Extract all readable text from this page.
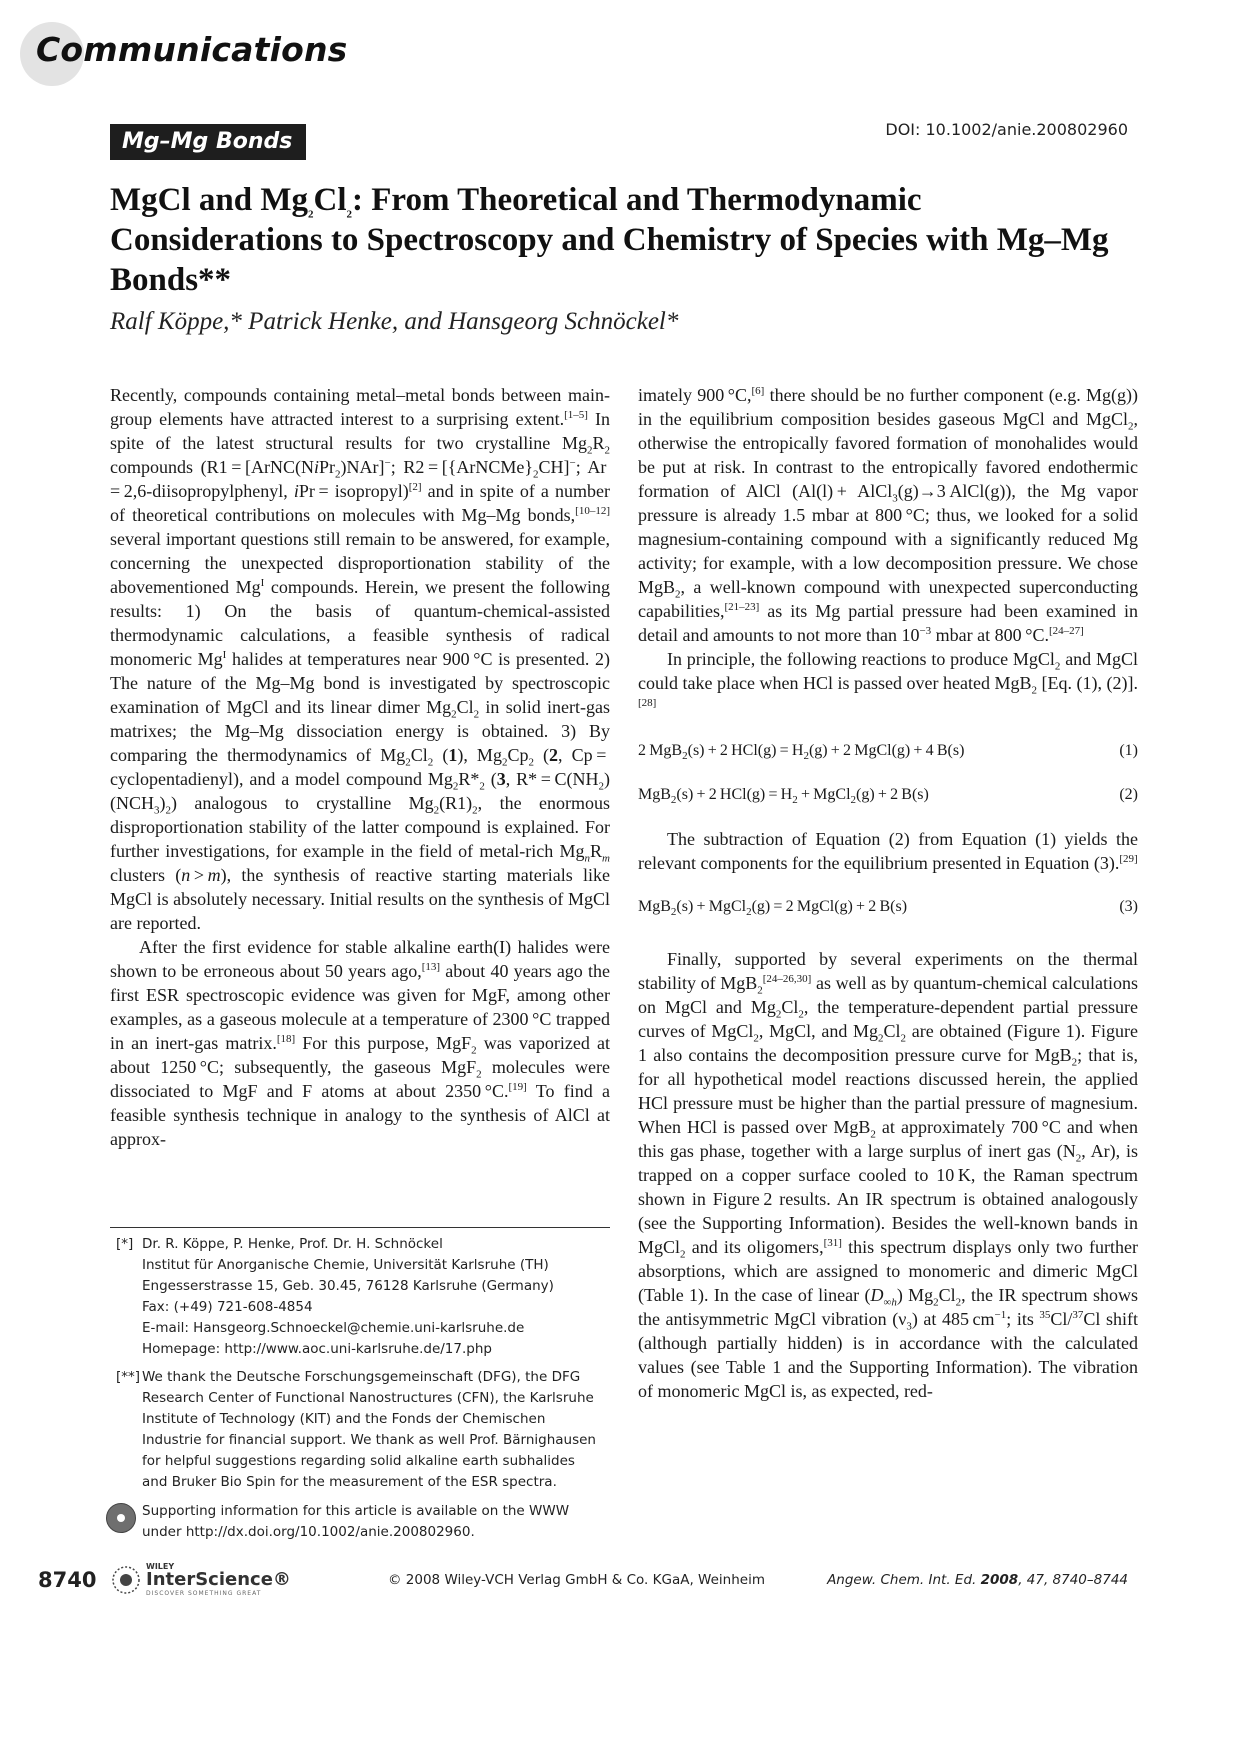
Communications
Mg–Mg Bonds	DOI: 10.1002/anie.200802960
MgCl and $Mg_2Cl_2$: From Theoretical and Thermodynamic Considerations to Spectroscopy and Chemistry of Species with Mg–Mg Bonds**
Ralf Köppe,* Patrick Henke, and Hansgeorg Schnöckel*

Recently, compounds containing metal–metal bonds between main-group elements have attracted interest to a surprising extent.[1–5] In spite of the latest structural results for two crystalline $Mg_2R_2$ compounds (R1 = [ArNC(NiPr$_2$)NAr]−; $R2 = [\{ArNCMe\}_2CH]^-$; Ar = 2,6-diisopropylphenyl, iPr = isopropyl)[2] and in spite of a number of theoretical contributions on molecules with Mg–Mg bonds,[10–12] several important questions still remain to be answered, for example, concerning the unexpected disproportionation stability of the abovementioned $Mg^I$ compounds. Herein, we present the following results: 1) On the basis of quantum-chemical-assisted thermodynamic calculations, a feasible synthesis of radical monomeric $Mg^I$ halides at temperatures near 900 °C is presented. 2) The nature of the Mg–Mg bond is investigated by spectroscopic examination of MgCl and its linear dimer $Mg_2Cl_2$ in solid inert-gas matrixes; the Mg–Mg dissociation energy is obtained. 3) By comparing the thermodynamics of $Mg_2Cl_2$ (1), $Mg_2Cp_2$ (2, Cp = cyclopentadienyl), and a model compound $Mg_2R*_2$ (3, $R* = C(NH_2)(NCH_3)_2$) analogous to crystalline $Mg_2(R1)_2$, the enormous disproportionation stability of the latter compound is explained. For further investigations, for example in the field of metal-rich $Mg_nR_m$ clusters (n > m), the synthesis of reactive starting materials like MgCl is absolutely necessary. Initial results on the synthesis of MgCl are reported.

After the first evidence for stable alkaline earth(I) halides were shown to be erroneous about 50 years ago,[13] about 40 years ago the first ESR spectroscopic evidence was given for MgF, among other examples, as a gaseous molecule at a temperature of 2300 °C trapped in an inert-gas matrix.[18] For this purpose, MgF$_2$ was vaporized at about 1250 °C; subsequently, the gaseous MgF$_2$ molecules were dissociated to MgF and F atoms at about 2350 °C.[19] To find a feasible synthesis technique in analogy to the synthesis of AlCl at approx-

[*] Dr. R. Köppe, P. Henke, Prof. Dr. H. Schnöckel
Institut für Anorganische Chemie, Universität Karlsruhe (TH)
Engesserstrasse 15, Geb. 30.45, 76128 Karlsruhe (Germany)
Fax: (+49) 721-608-4854
E-mail: Hansgeorg.Schnoeckel@chemie.uni-karlsruhe.de
Homepage: http://www.aoc.uni-karlsruhe.de/17.php
[**] We thank the Deutsche Forschungsgemeinschaft (DFG), the DFG
Research Center of Functional Nanostructures (CFN), the Karlsruhe
Institute of Technology (KIT) and the Fonds der Chemischen
Industrie for financial support. We thank as well Prof. Bärnighausen
for helpful suggestions regarding solid alkaline earth subhalides
and Bruker Bio Spin for the measurement of the ESR spectra.
Supporting information for this article is available on the WWW
under http://dx.doi.org/10.1002/anie.200802960.

imately 900 °C,[6] there should be no further component (e.g. Mg(g)) in the equilibrium composition besides gaseous MgCl and MgCl$_2$, otherwise the entropically favored formation of monohalides would be put at risk. In contrast to the entropically favored endothermic formation of AlCl (Al(l) + AlCl$_3$(g)→3 AlCl(g)), the Mg vapor pressure is already 1.5 mbar at 800 °C; thus, we looked for a solid magnesium-containing compound with a significantly reduced Mg activity; for example, with a low decomposition pressure. We chose MgB$_2$, a well-known compound with unexpected superconducting capabilities,[21–23] as its Mg partial pressure had been examined in detail and amounts to not more than $10^{-3}$ mbar at 800 °C.[24–27]

In principle, the following reactions to produce MgCl$_2$ and MgCl could take place when HCl is passed over heated MgB$_2$ [Eq. (1), (2)].[28]

2 MgB$_2$(s) + 2 $HCl(g) = H_2(g) + 2$ MgCl(g) + 4 B(s)	(1)
MgB$_2$(s) + 2 $HCl(g) = H_2$ + MgCl$_2$(g) + 2 B(s)	(2)

The subtraction of Equation (2) from Equation (1) yields the relevant components for the equilibrium presented in Equation (3).[29]

MgB$_2$(s) + MgCl$_2$(g) = 2 MgCl(g) + 2 B(s)	(3)

Finally, supported by several experiments on the thermal stability of MgB$_2$[24–26,30] as well as by quantum-chemical calculations on MgCl and $Mg_2Cl_2$, the temperature-dependent partial pressure curves of MgCl$_2$, MgCl, and $Mg_2Cl_2$ are obtained (Figure 1). Figure 1 also contains the decomposition pressure curve for MgB$_2$; that is, for all hypothetical model reactions discussed herein, the applied HCl pressure must be higher than the partial pressure of magnesium. When HCl is passed over MgB$_2$ at approximately 700 °C and when this gas phase, together with a large surplus of inert gas ($N_2$, Ar), is trapped on a copper surface cooled to 10 K, the Raman spectrum shown in Figure 2 results. An IR spectrum is obtained analogously (see the Supporting Information). Besides the well-known bands in MgCl$_2$ and its oligomers,[31] this spectrum displays only two further absorptions, which are assigned to monomeric and dimeric MgCl (Table 1). In the case of linear $(D_{\infty h})$ $Mg_2Cl_2$, the IR spectrum shows the antisymmetric MgCl vibration $(\nu_3)$ at 485 $cm^{-1}$; its $^{35}$Cl/$^{37}$Cl shift (although partially hidden) is in accordance with the calculated values (see Table 1 and the Supporting Information). The vibration of monomeric MgCl is, as expected, red-

8740
WILEY
InterScience®
DISCOVER SOMETHING GREAT
© 2008 Wiley-VCH Verlag GmbH & Co. KGaA, Weinheim	Angew. Chem. Int. Ed. 2008, 47, 8740–8744
